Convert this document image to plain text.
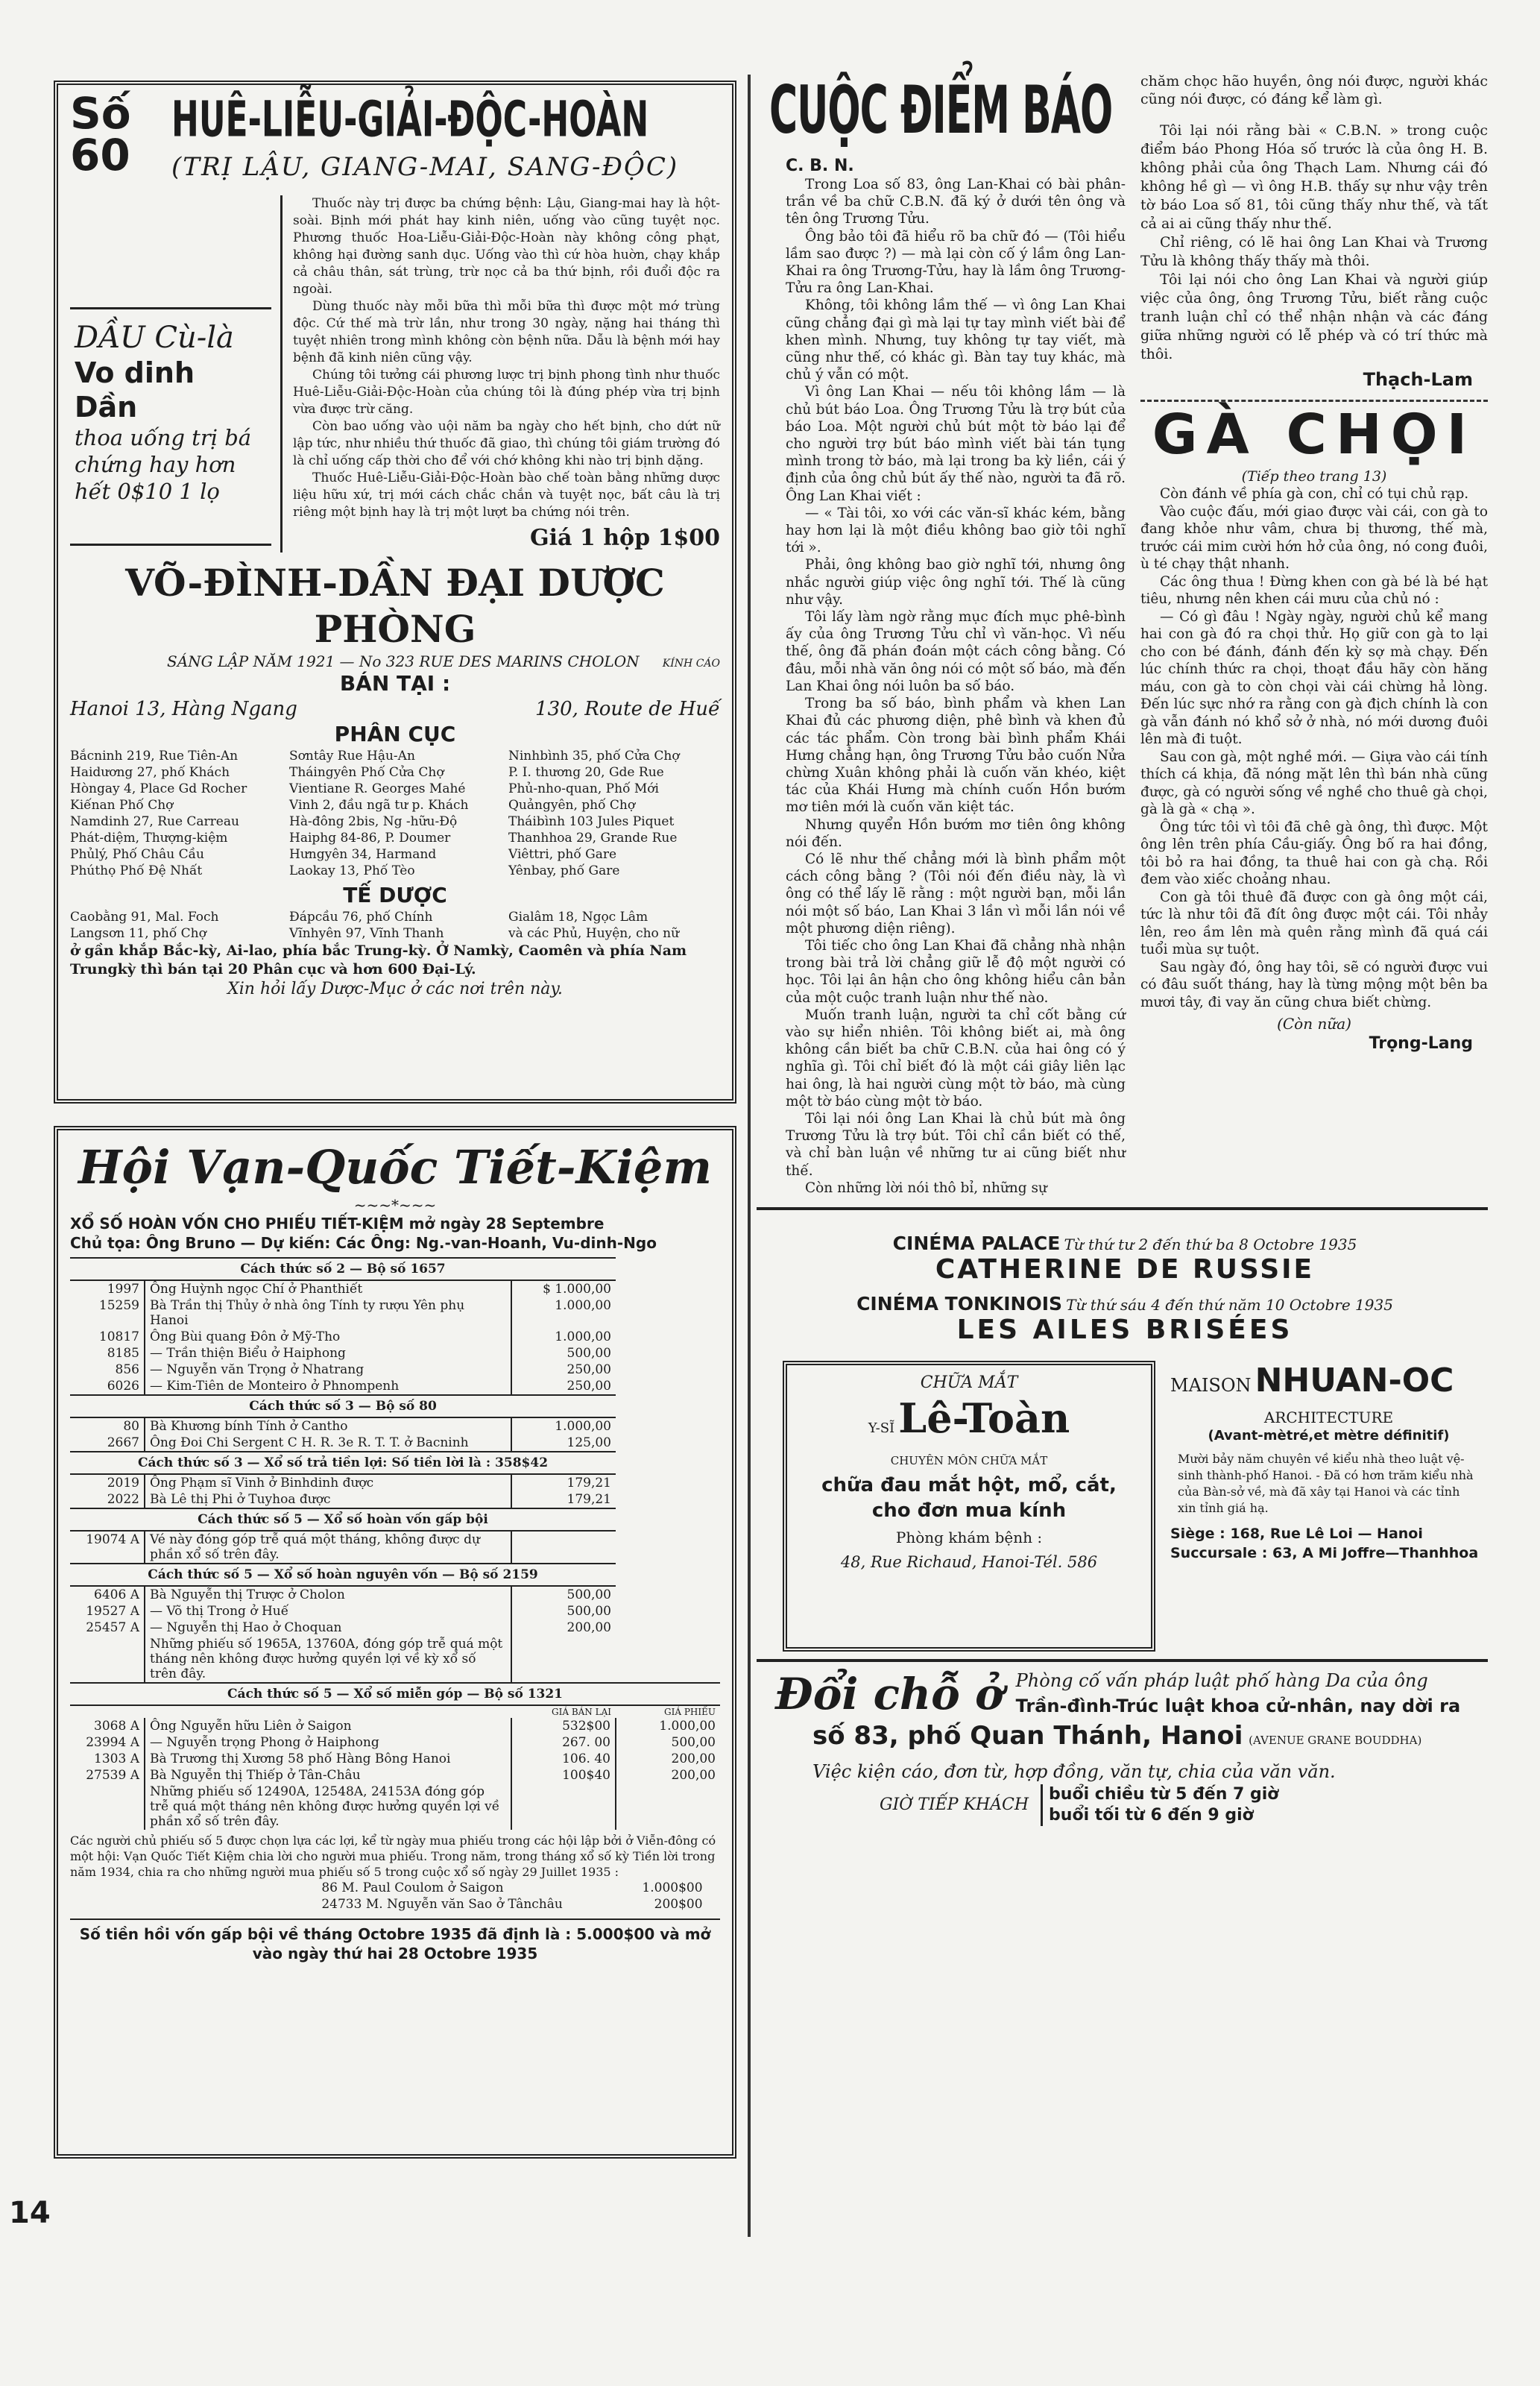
Số 60
HUÊ-LIỄU-GIẢI-ĐỘC-HOÀN
(TRỊ LẬU, GIANG-MAI, SANG-ĐỘC)
DẦU Cù-là
Vo dinh Dần
thoa uống trị bá chứng hay hơn hết 0$10 1 lọ

Thuốc này trị được ba chứng bệnh: Lậu, Giang-mai hay là hột-soài. Bịnh mới phát hay kinh niên, uống vào cũng tuyệt nọc. Phương thuốc Hoa-Liễu-Giải-Độc-Hoàn này không công phạt, không hại đường sanh dục. Uống vào thì cứ hòa huờn, chạy khắp cả châu thân, sát trùng, trừ nọc cả ba thứ bịnh, rồi đuổi độc ra ngoài.

Dùng thuốc này mỗi bữa thì mỗi bữa thì được một mớ trùng độc. Cứ thế mà trừ lần, như trong 30 ngày, nặng hai tháng thì tuyệt nhiên trong mình không còn bệnh nữa. Dẫu là bệnh mới hay bệnh đã kinh niên cũng vậy.

Chúng tôi tưởng cái phương lược trị bịnh phong tình như thuốc Huê-Liễu-Giải-Độc-Hoàn của chúng tôi là đúng phép vừa trị bịnh vừa được trừ căng.

Còn bao uống vào uội năm ba ngày cho hết bịnh, cho dứt nữ lập tức, như nhiều thứ thuốc đã giao, thì chúng tôi giám trường đó là chỉ uống cấp thời cho để với chớ không khi nào trị bịnh dặng.

Thuốc Huê-Liễu-Giải-Độc-Hoàn bào chế toàn bằng những dược liệu hữu xứ, trị mới cách chắc chắn và tuyệt nọc, bất câu là trị riêng một bịnh hay là trị một lượt ba chứng nói trên.

Giá 1 hộp 1$00
VÕ-ĐÌNH-DẦN ĐẠI DƯỢC PHÒNG
SÁNG LẬP NĂM 1921 — No 323 RUE DES MARINS CHOLON KÍNH CÁO
BÁN TẠI :
Hanoi 13, Hàng Ngang	130, Route de Huế
PHÂN CỤC
Bắcninh 219, Rue Tiên-An	Sơntây Rue Hậu-An	Ninhbình 35, phố Cửa Chợ
Haidương 27, phố Khách	Tháingyên Phố Cửa Chợ	P. I. thương 20, Gde Rue
Hòngay 4, Place Gd Rocher	Vientiane R. Georges Mahé	Phủ-nho-quan, Phố Mới
Kiếnan Phố Chợ	Vinh 2, đầu ngã tư p. Khách	Quảngyên, phố Chợ
Namdinh 27, Rue Carreau	Hà-đông 2bis, Ng -hữu-Độ	Tháibình 103 Jules Piquet
Phát-diệm, Thượng-kiệm	Haiphg 84-86, P. Doumer	Thanhhoa 29, Grande Rue
Phủlý, Phố Châu Cầu	Hưngyên 34, Harmand	Viêttri, phố Gare
Phúthọ Phố Đệ Nhất	Laokay 13, Phố Tèo	Yênbay, phố Gare
TẾ DƯỢC
Caobằng 91, Mal. Foch	Đápcầu 76, phố Chính	Gialâm 18, Ngọc Lâm
Langsơn 11, phố Chợ	Vĩnhyên 97, Vĩnh Thanh	và các Phủ, Huyện, cho nữ
ở gần khắp Bắc-kỳ, Ai-lao, phía bắc Trung-kỳ. Ở Namkỳ, Caomên và phía Nam Trungkỳ thì bán tại 20 Phân cục và hơn 600 Đại-Lý.
Xin hỏi lấy Dược-Mục ở các nơi trên này.
Hội Vạn-Quốc Tiết-Kiệm
~~~*~~~
XỔ SỐ HOÀN VỐN CHO PHIẾU TIẾT-KIỆM mở ngày 28 Septembre
Chủ tọa: Ông Bruno — Dự kiến: Các Ông: Ng.-van-Hoanh, Vu-dinh-Ngo
Cách thức số 2 — Bộ số 1657			
1997	Ông Huỳnh ngọc Chí ở Phanthiết	$ 1.000,00	
15259	Bà Trần thị Thủy ở nhà ông Tính ty rượu Yên phụ Hanoi	1.000,00	
10817	Ông Bùi quang Đôn ở Mỹ-Tho	1.000,00	
8185	— Trần thiện Biểu ở Haiphong	500,00	
856	— Nguyễn văn Trọng ở Nhatrang	250,00	
6026	— Kim-Tiên de Monteiro ở Phnompenh	250,00	
Cách thức số 3 — Bộ số 80			
80	Bà Khương bính Tính ở Cantho	1.000,00	
2667	Ông Đoi Chi Sergent C H. R. 3e R. T. T. ở Bacninh	125,00	
Cách thức số 3 — Xổ số trả tiền lợi: Số tiền lời là : 358$42			
2019	Ông Phạm sĩ Vinh ở Binhdinh được	179,21	
2022	Bà Lê thị Phi ở Tuyhoa được	179,21	
Cách thức số 5 — Xổ số hoàn vốn gấp bội			
19074 A	Vé này đóng góp trễ quá một tháng, không được dự phần xổ số trên đây.		
Cách thức số 5 — Xổ số hoàn nguyên vốn — Bộ số 2159			
6406 A	Bà Nguyễn thị Trược ở Cholon	500,00	
19527 A	— Võ thị Trong ở Huế	500,00	
25457 A	— Nguyễn thị Hao ở Choquan	200,00	
	Những phiếu số 1965A, 13760A, đóng góp trễ quá một tháng nên không được hưởng quyền lợi về kỳ xổ số trên đây.		
Cách thức số 5 — Xổ số miễn góp — Bộ số 1321			
		GIÁ BÁN LẠI	GIÁ PHIẾU
3068 A	Ông Nguyễn hữu Liên ở Saigon	532$00	1.000,00
23994 A	— Nguyễn trọng Phong ở Haiphong	267. 00	500,00
1303 A	Bà Trương thị Xương 58 phố Hàng Bông Hanoi	106. 40	200,00
27539 A	Bà Nguyễn thị Thiếp ở Tân-Châu	100$40	200,00
	Những phiếu số 12490A, 12548A, 24153A đóng góp trễ quá một tháng nên không được hưởng quyền lợi về phần xổ số trên đây.		
Các người chủ phiếu số 5 được chọn lựa các lợi, kể từ ngày mua phiếu trong các hội lập bởi ở Viễn-đông có một hội: Vạn Quốc Tiết Kiệm chia lời cho người mua phiếu. Trong năm, trong tháng xổ số kỳ Tiền lời trong năm 1934, chia ra cho những người mua phiếu số 5 trong cuộc xổ số ngày 29 Juillet 1935 :
86 M. Paul Coulom ở Saigon	1.000$00
24733 M. Nguyễn văn Sao ở Tânchâu	200$00
Số tiền hồi vốn gấp bội về tháng Octobre 1935 đã định là : 5.000$00 và mở vào ngày thứ hai 28 Octobre 1935
14
CUỘC ĐIỂM BÁO
C. B. N.

Trong Loa số 83, ông Lan-Khai có bài phân-trần về ba chữ C.B.N. đã ký ở dưới tên ông và tên ông Trương Tửu.

Ông bảo tôi đã hiểu rõ ba chữ đó — (Tôi hiểu lầm sao được ?) — mà lại còn cố ý lầm ông Lan-Khai ra ông Trương-Tửu, hay là lầm ông Trương-Tửu ra ông Lan-Khai.

Không, tôi không lầm thế — vì ông Lan Khai cũng chẳng đại gì mà lại tự tay mình viết bài để khen mình. Nhưng, tuy không tự tay viết, mà cũng như thế, có khác gì. Bàn tay tuy khác, mà chủ ý vẫn có một.

Vì ông Lan Khai — nếu tôi không lầm — là chủ bút báo Loa. Ông Trương Tửu là trợ bút của báo Loa. Một người chủ bút một tờ báo lại để cho người trợ bút báo mình viết bài tán tụng mình trong tờ báo, mà lại trong ba kỳ liền, cái ý định của ông chủ bút ấy thế nào, người ta đã rõ. Ông Lan Khai viết :

— « Tài tôi, xo với các văn-sĩ khác kém, bằng hay hơn lại là một điều không bao giờ tôi nghĩ tới ».

Phải, ông không bao giờ nghĩ tới, nhưng ông nhắc người giúp việc ông nghĩ tới. Thế là cũng như vậy.

Tôi lấy làm ngờ rằng mục đích mục phê-bình ấy của ông Trương Tửu chỉ vì văn-học. Vì nếu thế, ông đã phán đoán một cách công bằng. Có đâu, mỗi nhà văn ông nói có một số báo, mà đến Lan Khai ông nói luôn ba số báo.

Trong ba số báo, bình phẩm và khen Lan Khai đủ các phương diện, phê bình và khen đủ các tác phẩm. Còn trong bài bình phẩm Khái Hưng chẳng hạn, ông Trương Tửu bảo cuốn Nửa chừng Xuân không phải là cuốn văn khéo, kiệt tác của Khái Hưng mà chính cuốn Hồn bướm mơ tiên mới là cuốn văn kiệt tác.

Nhưng quyển Hồn bướm mơ tiên ông không nói đến.

Có lẽ như thế chẳng mới là bình phẩm một cách công bằng ? (Tôi nói đến điều này, là vì ông có thể lấy lẽ rằng : một người bạn, mỗi lần nói một số báo, Lan Khai 3 lần vì mỗi lần nói về một phương diện riêng).

Tôi tiếc cho ông Lan Khai đã chẳng nhà nhận trong bài trả lời chẳng giữ lễ độ một người có học. Tôi lại ân hận cho ông không hiểu cân bản của một cuộc tranh luận như thế nào.

Muốn tranh luận, người ta chỉ cốt bằng cứ vào sự hiển nhiên. Tôi không biết ai, mà ông không cần biết ba chữ C.B.N. của hai ông có ý nghĩa gì. Tôi chỉ biết đó là một cái giây liên lạc hai ông, là hai người cùng một tờ báo, mà cùng một tờ báo cùng một tờ báo.

Tôi lại nói ông Lan Khai là chủ bút mà ông Trương Tửu là trợ bút. Tôi chỉ cần biết có thế, và chỉ bàn luận về những tư ai cũng biết như thế.

Còn những lời nói thô bỉ, những sự

chăm chọc hão huyền, ông nói được, người khác cũng nói được, có đáng kể làm gì.

Tôi lại nói rằng bài « C.B.N. » trong cuộc điểm báo Phong Hóa số trước là của ông H. B. không phải của ông Thạch Lam. Nhưng cái đó không hề gì — vì ông H.B. thấy sự như vậy trên tờ báo Loa số 81, tôi cũng thấy như thế, và tất cả ai ai cũng thấy như thế.

Chỉ riêng, có lẽ hai ông Lan Khai và Trương Tửu là không thấy thấy mà thôi.

Tôi lại nói cho ông Lan Khai và người giúp việc của ông, ông Trương Tửu, biết rằng cuộc tranh luận chỉ có thể nhận nhận và các đáng giữa những người có lễ phép và có trí thức mà thôi.

Thạch-Lam
GÀ CHỌI
(Tiếp theo trang 13)

Còn đánh về phía gà con, chỉ có tụi chủ rạp.

Vào cuộc đấu, mới giao được vài cái, con gà to đang khỏe như vâm, chưa bị thương, thế mà, trước cái mim cười hớn hở của ông, nó cong đuôi, ù té chạy thật nhanh.

Các ông thua ! Đừng khen con gà bé là bé hạt tiêu, nhưng nên khen cái mưu của chủ nó :

— Có gì đâu ! Ngày ngày, người chủ kể mang hai con gà đó ra chọi thử. Họ giữ con gà to lại cho con bé đánh, đánh đến kỳ sợ mà chạy. Đến lúc chính thức ra chọi, thoạt đầu hãy còn hăng máu, con gà to còn chọi vài cái chừng hả lòng. Đến lúc sực nhớ ra rằng con gà địch chính là con gà vẫn đánh nó khổ sở ở nhà, nó mới dương đuôi lên mà đi tuột.

Sau con gà, một nghề mới. — Giựa vào cái tính thích cá khịa, đã nóng mặt lên thì bán nhà cũng được, gà có người sống về nghề cho thuê gà chọi, gà là gà « chạ ».

Ông tức tôi vì tôi đã chê gà ông, thì được. Một ông lên trên phía Cầu-giấy. Ông bố ra hai đồng, tôi bỏ ra hai đồng, ta thuê hai con gà chạ. Rồi đem vào xiếc choảng nhau.

Con gà tôi thuê đã được con gà ông một cái, tức là như tôi đã đít ông được một cái. Tôi nhảy lên, reo ầm lên mà quên rằng mình đã quá cái tuổi mùa sự tuột.

Sau ngày đó, ông hay tôi, sẽ có người được vui có đâu suốt tháng, hay là từng mộng một bên ba mươi tây, đi vay ăn cũng chưa biết chừng.

(Còn nữa)
Trọng-Lang
CINÉMA PALACE Từ thứ tư 2 đến thứ ba 8 Octobre 1935
CATHERINE DE RUSSIE
CINÉMA TONKINOIS Từ thứ sáu 4 đến thứ năm 10 Octobre 1935
LES AILES BRISÉES
CHỮA MẮT
Y-SĨ Lê-Toàn
CHUYÊN MÔN CHỮA MẮT
chữa đau mắt hột, mổ, cắt,
cho đơn mua kính
Phòng khám bệnh :
48, Rue Richaud, Hanoi-Tél. 586
MAISON NHUAN-OC
ARCHITECTURE
(Avant-mètré,et mètre définitif)
Mười bảy năm chuyên về kiểu nhà theo luật vệ-sinh thành-phố Hanoi. - Đã có hơn trăm kiểu nhà của Bàn-sở về, mà đã xây tại Hanoi và các tỉnh xin tỉnh giá hạ.
Siège : 168, Rue Lê Loi — Hanoi
Succursale : 63, A Mi Joffre—Thanhhoa
Đổi chỗ ở Phòng cố vấn pháp luật phố hàng Da của ông
Trần-đình-Trúc luật khoa cử-nhân, nay dời ra
số 83, phố Quan Thánh, Hanoi (AVENUE GRANE BOUDDHA)
Việc kiện cáo, đơn từ, hợp đồng, văn tự, chia của văn văn.
GIỜ TIẾP KHÁCH
buổi chiều từ 5 đến 7 giờ
buổi tối từ 6 đến 9 giờ
